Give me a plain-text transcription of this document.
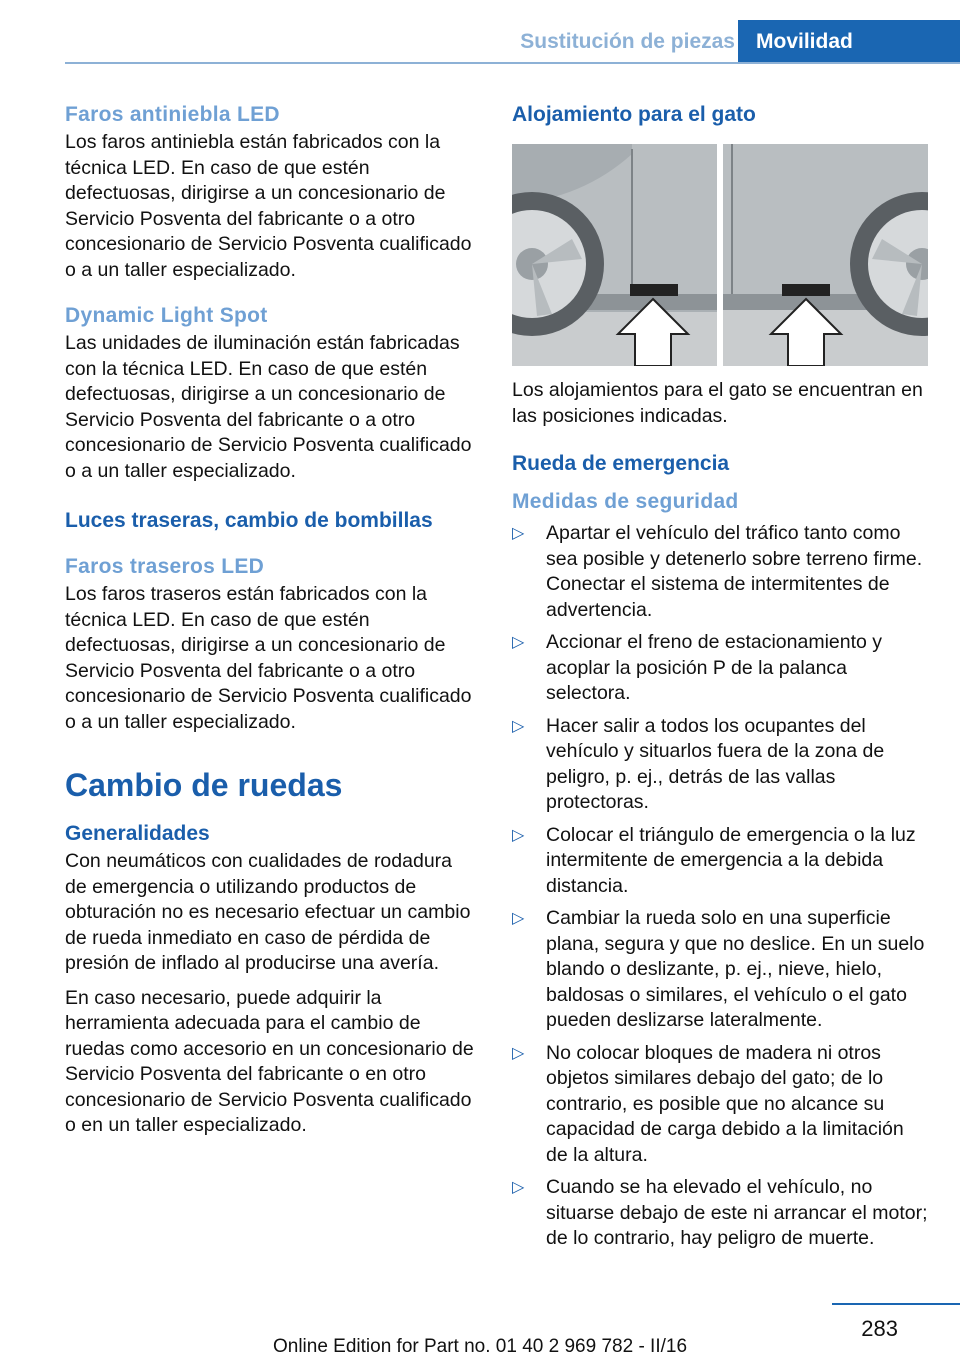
Sustitución de piezas	Movilidad
Faros antiniebla LED

Los faros antiniebla están fabricados con la técnica LED. En caso de que estén defectuosas, dirigirse a un concesionario de Servicio Posventa del fabricante o a otro concesionario de Servicio Posventa cualificado o a un taller especializado.

Dynamic Light Spot

Las unidades de iluminación están fabricadas con la técnica LED. En caso de que estén defectuosas, dirigirse a un concesionario de Servicio Posventa del fabricante o a otro concesionario de Servicio Posventa cualificado o a un taller especializado.

Luces traseras, cambio de bombillas
Faros traseros LED

Los faros traseros están fabricados con la técnica LED. En caso de que estén defectuosas, dirigirse a un concesionario de Servicio Posventa del fabricante o a otro concesionario de Servicio Posventa cualificado o a un taller especializado.

Cambio de ruedas
Generalidades

Con neumáticos con cualidades de rodadura de emergencia o utilizando productos de obturación no es necesario efectuar un cambio de rueda inmediato en caso de pérdida de presión de inflado al producirse una avería.

En caso necesario, puede adquirir la herramienta adecuada para el cambio de ruedas como accesorio en un concesionario de Servicio Posventa del fabricante o en otro concesionario de Servicio Posventa cualificado o en un taller especializado.

Alojamiento para el gato

Los alojamientos para el gato se encuentran en las posiciones indicadas.

Rueda de emergencia
Medidas de seguridad
▷ Apartar el vehículo del tráfico tanto como sea posible y detenerlo sobre terreno firme. Conectar el sistema de intermitentes de advertencia.
▷ Accionar el freno de estacionamiento y acoplar la posición P de la palanca selectora.
▷ Hacer salir a todos los ocupantes del vehículo y situarlos fuera de la zona de peligro, p. ej., detrás de las vallas protectoras.
▷ Colocar el triángulo de emergencia o la luz intermitente de emergencia a la debida distancia.
▷ Cambiar la rueda solo en una superficie plana, segura y que no deslice. En un suelo blando o deslizante, p. ej., nieve, hielo, baldosas o similares, el vehículo o el gato pueden deslizarse lateralmente.
▷ No colocar bloques de madera ni otros objetos similares debajo del gato; de lo contrario, es posible que no alcance su capacidad de carga debido a la limitación de la altura.
▷ Cuando se ha elevado el vehículo, no situarse debajo de este ni arrancar el motor; de lo contrario, hay peligro de muerte.
283
Online Edition for Part no. 01 40 2 969 782 - II/16
